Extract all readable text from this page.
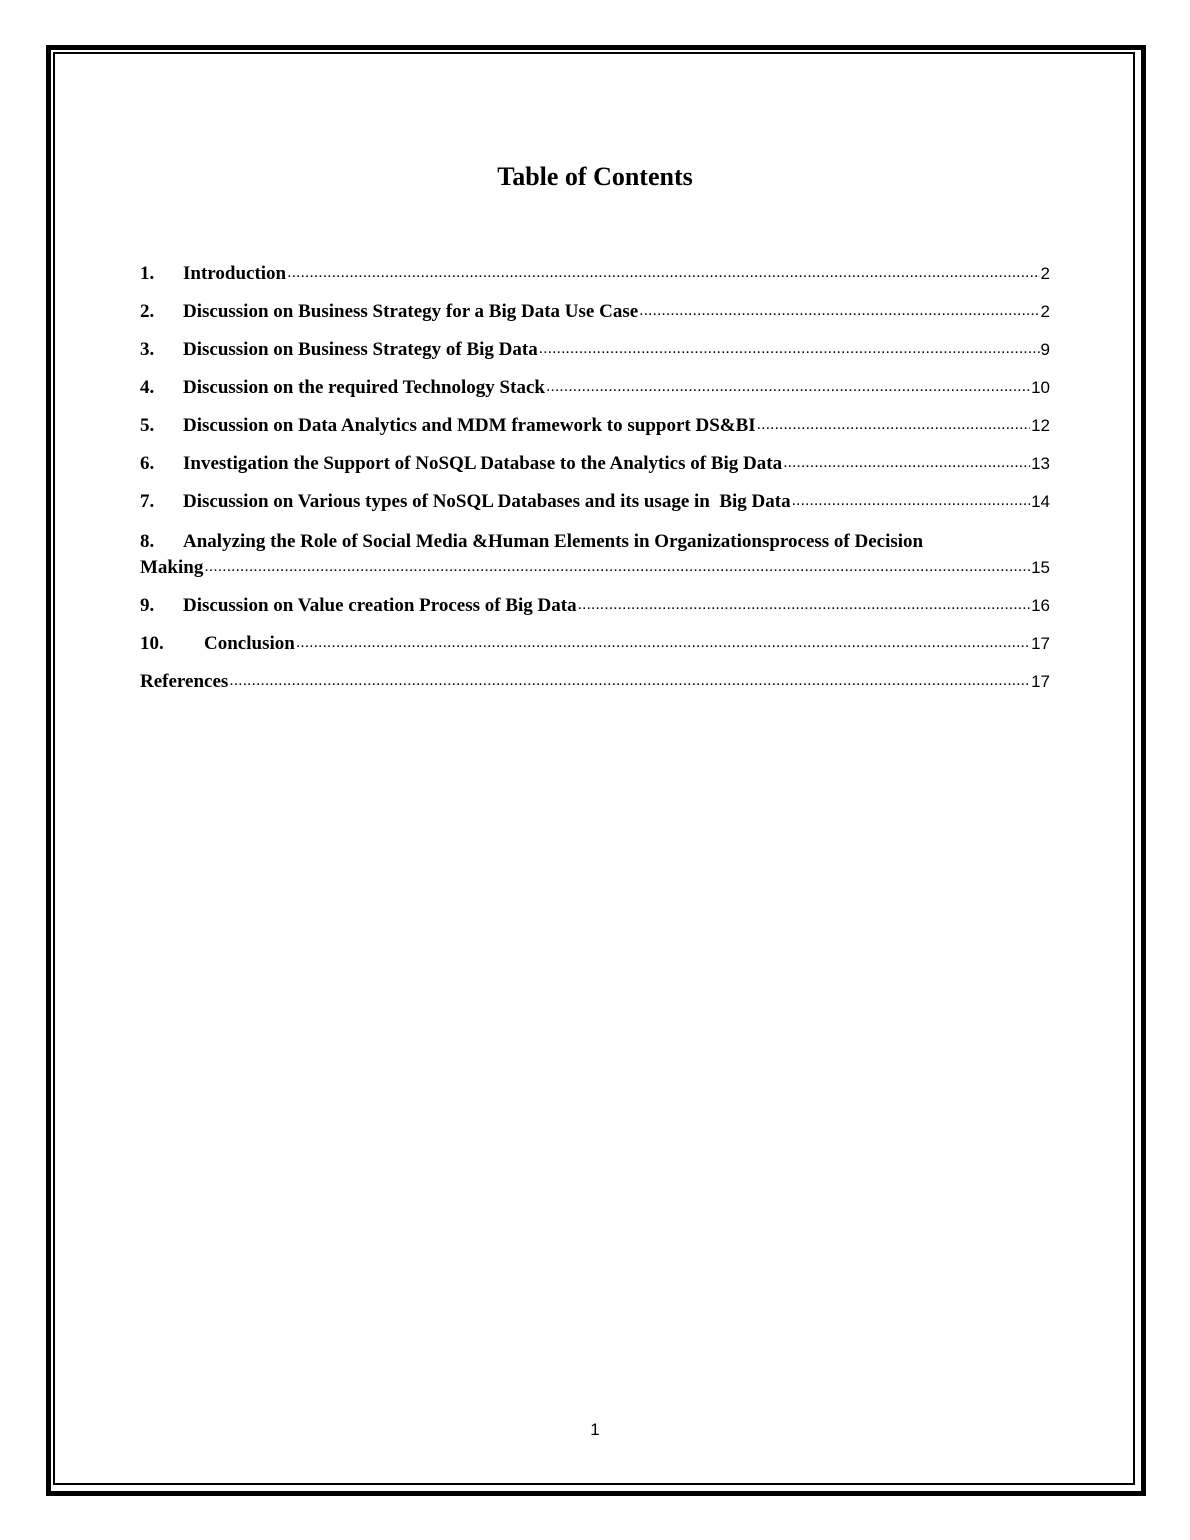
Table of Contents
1.	Introduction .....	2
2.	Discussion on Business Strategy for a Big Data Use Case .....	2
3.	Discussion on Business Strategy of Big Data .....	9
4.	Discussion on the required Technology Stack .....	10
5.	Discussion on Data Analytics and MDM framework to support DS&BI .....	12
6.	Investigation the Support of NoSQL Database to the Analytics of Big Data .....	13
7.	Discussion on Various types of NoSQL Databases and its usage in  Big Data .....	14
8. Analyzing the Role of Social Media &Human Elements in Organizationsprocess of Decision
Making .....	15
9.	Discussion on Value creation Process of Big Data .....	16
10.	Conclusion .....	17
References .....	17
1
